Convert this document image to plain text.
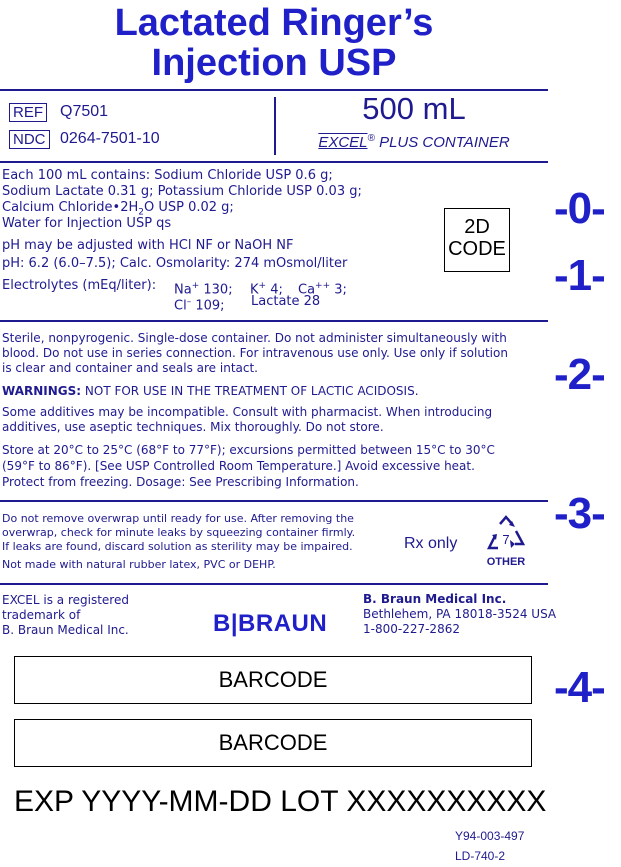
Lactated Ringer’s
Injection USP
REF Q7501
NDC 0264-7501-10
500 mL
EXCEL® PLUS CONTAINER
Each 100 mL contains: Sodium Chloride USP 0.6 g;
Sodium Lactate 0.31 g; Potassium Chloride USP 0.03 g;
Calcium $Chloride•2H_2O$ USP 0.02 g;
Water for Injection USP qs
pH may be adjusted with HCl NF or NaOH NF
pH: 6.2 (6.0–7.5); Calc. Osmolarity: 274 mOsmol/liter
Electrolytes (mEq/liter): Na+ 130; K+ 4; Ca++ 3;
Cl– 109; Lactate 28
2D
CODE
-0-
-1-
-2-
-3-
-4-
Sterile, nonpyrogenic. Single-dose container. Do not administer simultaneously with
blood. Do not use in series connection. For intravenous use only. Use only if solution
is clear and container and seals are intact.
WARNINGS: NOT FOR USE IN THE TREATMENT OF LACTIC ACIDOSIS.
Some additives may be incompatible. Consult with pharmacist. When introducing
additives, use aseptic techniques. Mix thoroughly. Do not store.
Store at 20°C to 25°C (68°F to 77°F); excursions permitted between 15°C to 30°C
(59°F to 86°F). [See USP Controlled Room Temperature.] Avoid excessive heat.
Protect from freezing. Dosage: See Prescribing Information.
Do not remove overwrap until ready for use. After removing the
overwrap, check for minute leaks by squeezing container firmly.
If leaks are found, discard solution as sterility may be impaired.
Not made with natural rubber latex, PVC or DEHP.
Rx only	7
OTHER
EXCEL is a registered
trademark of
B. Braun Medical Inc.	B|BRAUN
B. Braun Medical Inc.
Bethlehem, PA 18018-3524 USA
1-800-227-2862
BARCODE
BARCODE
EXP YYYY-MM-DD LOT XXXXXXXXXX
Y94-003-497
LD-740-2
